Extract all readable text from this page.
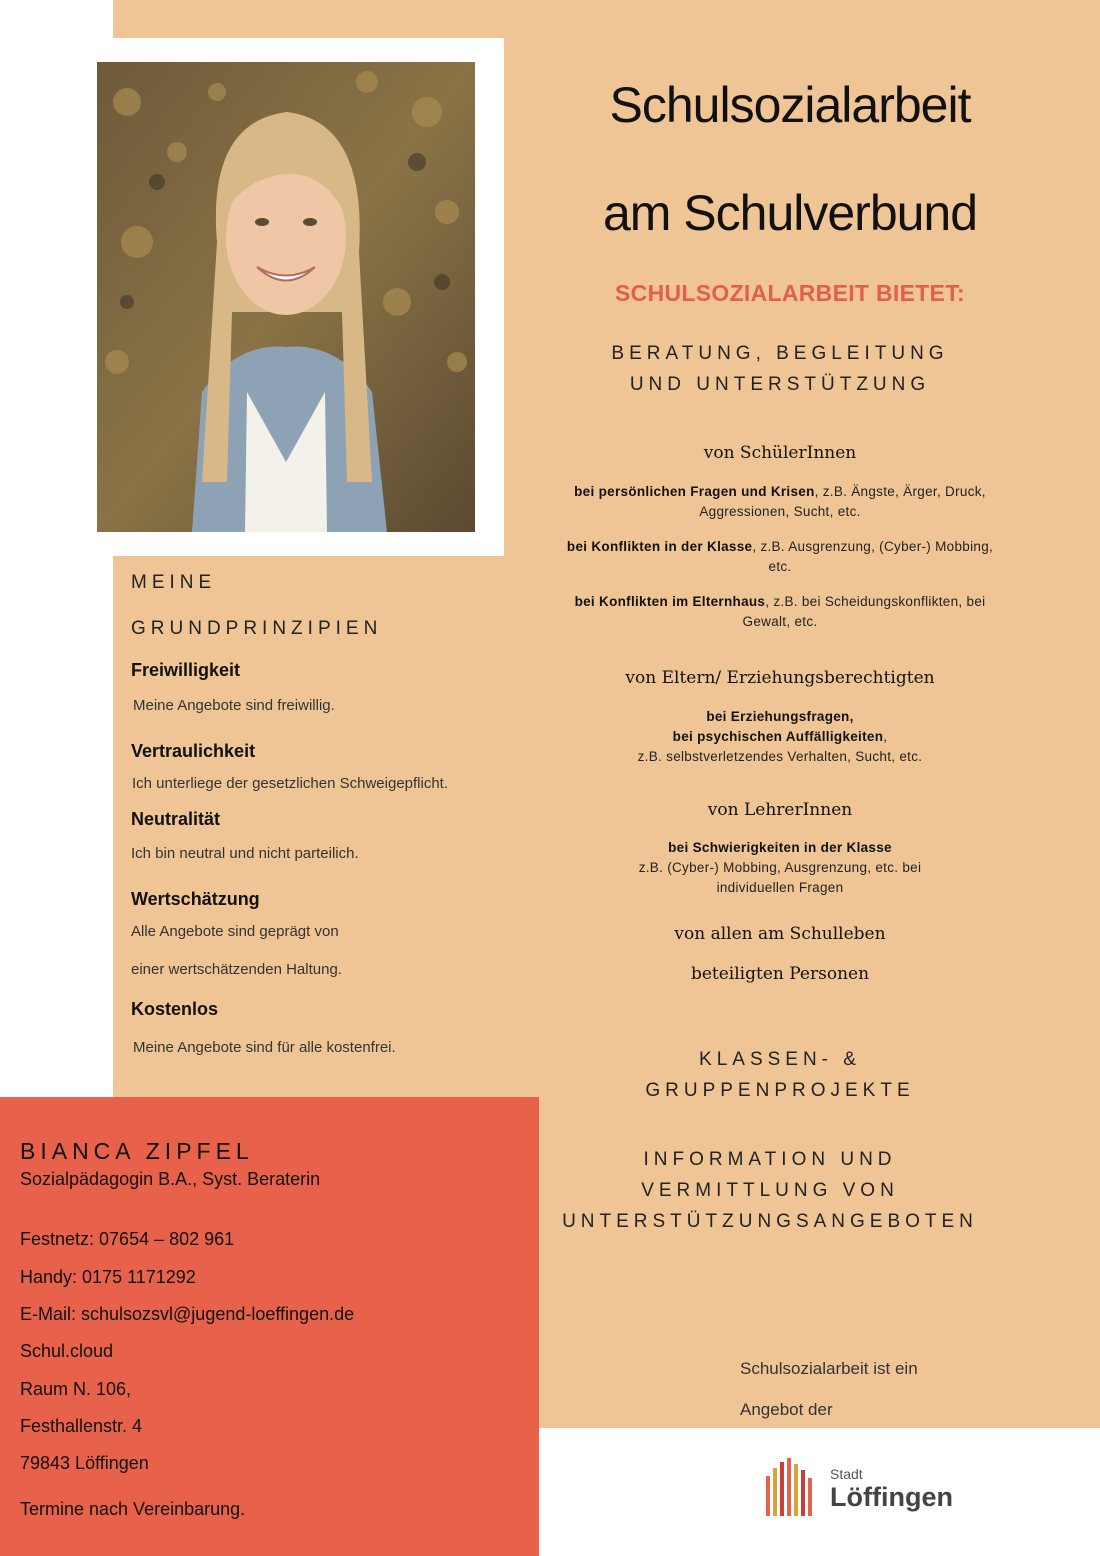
Schulsozialarbeit
am Schulverbund
SCHULSOZIALARBEIT BIETET:
BERATUNG, BEGLEITUNG
UND UNTERSTÜTZUNG
von SchülerInnen
bei persönlichen Fragen und Krisen, z.B. Ängste, Ärger, Druck, Aggressionen, Sucht, etc.
bei Konflikten in der Klasse, z.B. Ausgrenzung, (Cyber-) Mobbing, etc.
bei Konflikten im Elternhaus, z.B. bei Scheidungskonflikten, bei Gewalt, etc.
von Eltern/ Erziehungsberechtigten
bei Erziehungsfragen,
bei psychischen Auffälligkeiten,
z.B. selbstverletzendes Verhalten, Sucht, etc.
von LehrerInnen
bei Schwierigkeiten in der Klasse
z.B. (Cyber-) Mobbing, Ausgrenzung, etc. bei individuellen Fragen
von allen am Schulleben
beteiligten Personen
KLASSEN- &
GRUPPENPROJEKTE
INFORMATION UND
VERMITTLUNG VON
UNTERSTÜTZUNGSANGEBOTEN
MEINE
GRUNDPRINZIPIEN
Freiwilligkeit
Meine Angebote sind freiwillig.
Vertraulichkeit
Ich unterliege der gesetzlichen Schweigepflicht.
Neutralität
Ich bin neutral und nicht parteilich.
Wertschätzung
Alle Angebote sind geprägt von
einer wertschätzenden Haltung.
Kostenlos
Meine Angebote sind für alle kostenfrei.
BIANCA ZIPFEL
Sozialpädagogin B.A., Syst. Beraterin
Festnetz: 07654 – 802 961
Handy: 0175 1171292
E-Mail: schulsozsvl@jugend-loeffingen.de
Schul.cloud
Raum N. 106,
Festhallenstr. 4
79843 Löffingen
Termine nach Vereinbarung.
Schulsozialarbeit ist ein
Angebot der
Stadt
Löffingen
